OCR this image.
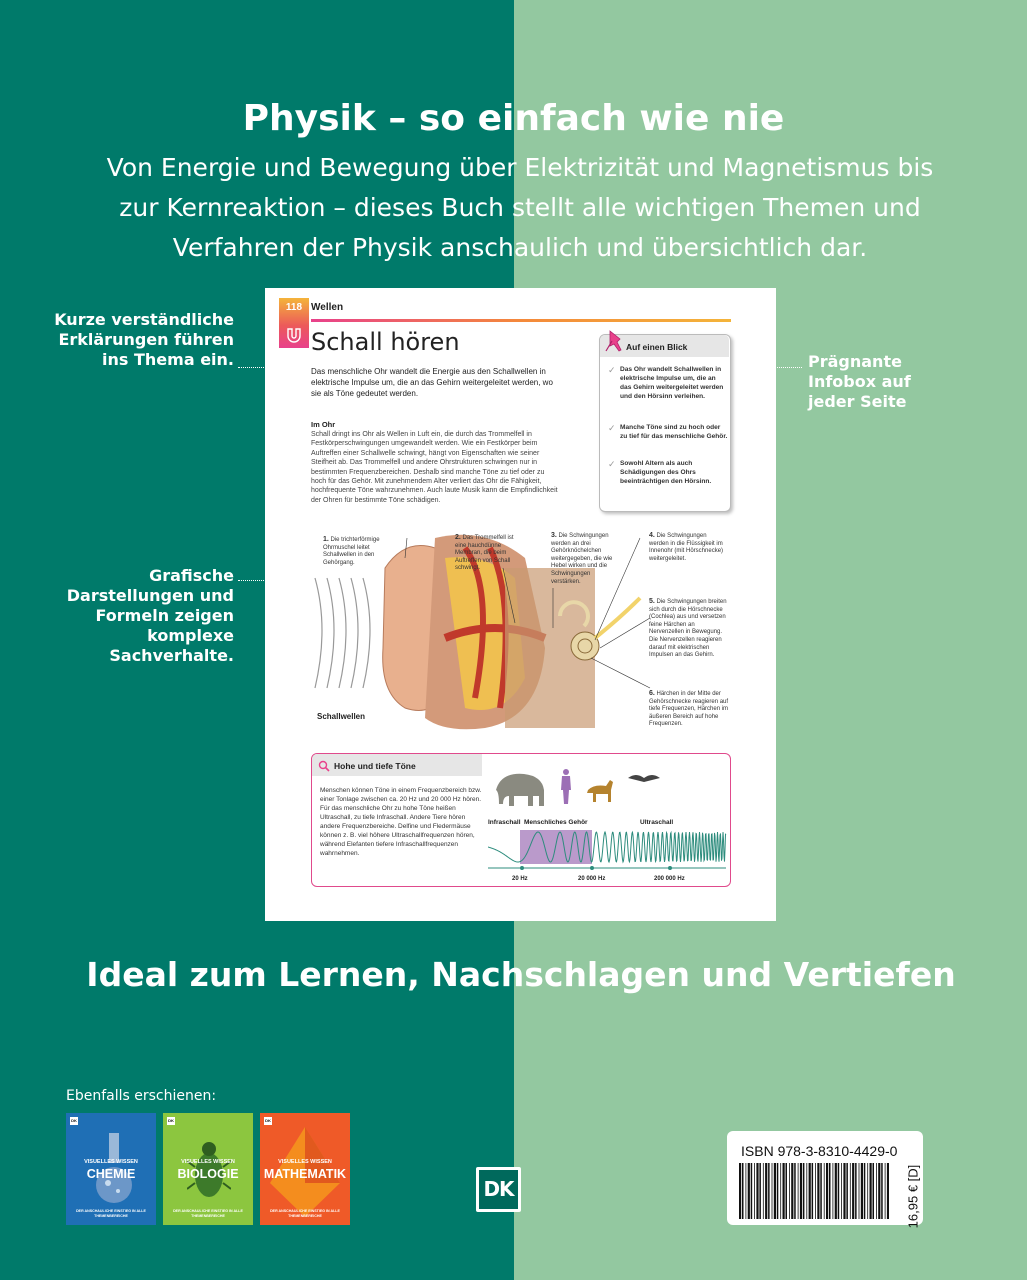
Physik – so einfach wie nie
Von Energie und Bewegung über Elektrizität und Magnetismus bis zur Kernreaktion – dieses Buch stellt alle wichtigen Themen und Verfahren der Physik anschaulich und übersichtlich dar.
Kurze verständliche Erklärungen führen ins Thema ein.	Prägnante Infobox auf jeder Seite
Grafische Darstellungen und Formeln zeigen komplexe Sachverhalte.
118 Wellen
Schall hören
Das menschliche Ohr wandelt die Energie aus den Schallwellen in elektrische Impulse um, die an das Gehirn weitergeleitet werden, wo sie als Töne gedeutet werden.
Im Ohr
Schall dringt ins Ohr als Wellen in Luft ein, die durch das Trommelfell in Festkörperschwingungen umgewandelt werden. Wie ein Festkörper beim Auftreffen einer Schallwelle schwingt, hängt von Eigenschaften wie seiner Steifheit ab. Das Trommelfell und andere Ohrstrukturen schwingen nur in bestimmten Frequenzbereichen. Deshalb sind manche Töne zu tief oder zu hoch für das Gehör. Mit zunehmendem Alter verliert das Ohr die Fähigkeit, hochfrequente Töne wahrzunehmen. Auch laute Musik kann die Empfindlichkeit der Ohren für bestimmte Töne schädigen.
Auf einen Blick
✓ Das Ohr wandelt Schallwellen in elektrische Impulse um, die an das Gehirn weitergeleitet werden und den Hörsinn verleihen.
✓ Manche Töne sind zu hoch oder zu tief für das menschliche Gehör.
✓ Sowohl Altern als auch Schädigungen des Ohrs beeinträchtigen den Hörsinn.
1. Die trichterförmige Ohrmuschel leitet Schallwellen in den Gehörgang.
2. Das Trommelfell ist eine hauchdünne Membran, die beim Auftreffen von Schall schwingt.
3. Die Schwingungen werden an drei Gehörknöchelchen weitergegeben, die wie Hebel wirken und die Schwingungen verstärken.
4. Die Schwingungen werden in die Flüssigkeit im Innenohr (mit Hörschnecke) weitergeleitet.
5. Die Schwingungen breiten sich durch die Hörschnecke (Cochlea) aus und versetzen feine Härchen an Nervenzellen in Bewegung. Die Nervenzellen reagieren darauf mit elektrischen Impulsen an das Gehirn.
6. Härchen in der Mitte der Gehörschnecke reagieren auf tiefe Frequenzen, Härchen im äußeren Bereich auf hohe Frequenzen.
Schallwellen
Hohe und tiefe Töne
Menschen können Töne in einem Frequenzbereich bzw. einer Tonlage zwischen ca. 20 Hz und 20 000 Hz hören. Für das menschliche Ohr zu hohe Töne heißen Ultraschall, zu tiefe Infraschall. Andere Tiere hören andere Frequenzbereiche. Delfine und Fledermäuse können z. B. viel höhere Ultraschallfrequenzen hören, während Elefanten tiefere Infraschallfrequenzen wahrnehmen.
Infraschall Menschliches Gehör	Ultraschall
20 Hz	20 000 Hz	200 000 Hz
Ideal zum Lernen, Nachschlagen und Vertiefen
Ebenfalls erschienen:
DK
VISUELLES WISSEN
CHEMIE
DER ANSCHAULICHE EINSTIEG IN ALLE THEMENBEREICHE
DK
VISUELLES WISSEN
BIOLOGIE
DER ANSCHAULICHE EINSTIEG IN ALLE THEMENBEREICHE
DK
VISUELLES WISSEN
MATHEMATIK
DER ANSCHAULICHE EINSTIEG IN ALLE THEMENBEREICHE
DK
ISBN 978-3-8310-4429-0
16,95 € [D]
